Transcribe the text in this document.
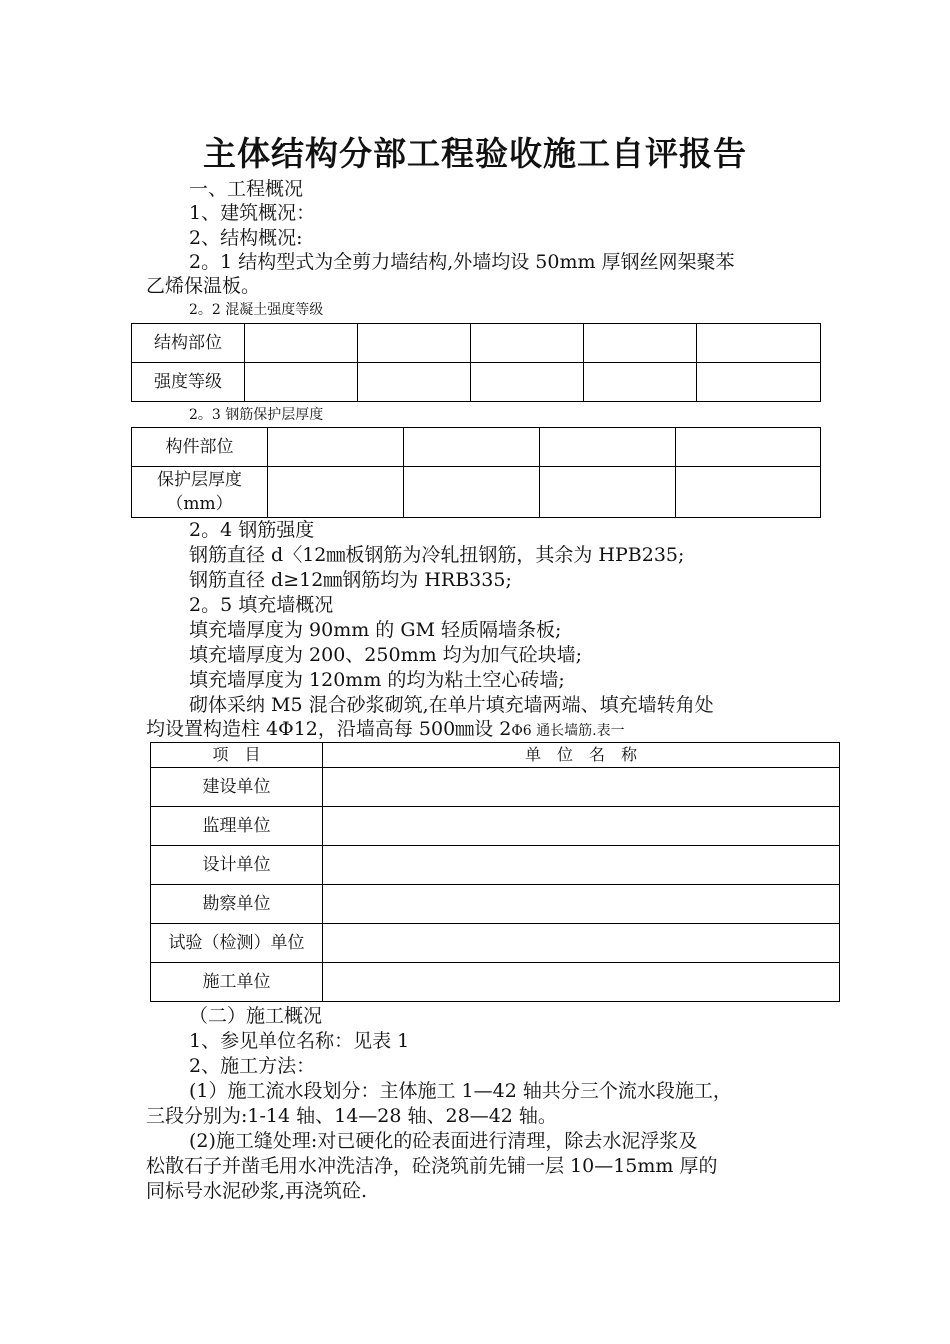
主体结构分部工程验收施工自评报告
一、工程概况
1、建筑概况：
2、结构概况:
2。1 结构型式为全剪力墙结构,外墙均设 50mm 厚钢丝网架聚苯
乙烯保温板。
2。2 混凝土强度等级
结构部位					
强度等级					
2。3 钢筋保护层厚度
构件部位				

保护层厚度
（mm）				

2。4 钢筋强度
钢筋直径 d〈12㎜板钢筋为冷轧扭钢筋，其余为 HPB235;
钢筋直径 d≥12㎜钢筋均为 HRB335;
2。5 填充墙概况
填充墙厚度为 90mm 的 GM 轻质隔墙条板;
填充墙厚度为 200、250mm 均为加气砼块墙;
填充墙厚度为 120mm 的均为粘土空心砖墙;
砌体采纳 M5 混合砂浆砌筑,在单片填充墙两端、填充墙转角处
均设置构造柱 4Φ12，沿墙高每 500㎜设 2Φ6 通长墙筋.表一
项　目	单　位　名　称
建设单位	
监理单位	
设计单位	
勘察单位	
试验（检测）单位	
施工单位	
（二）施工概况
1、参见单位名称：见表 1
2、施工方法：
(1）施工流水段划分：主体施工 1—42 轴共分三个流水段施工，
三段分别为:1-14 轴、14—28 轴、28—42 轴。
(2)施工缝处理:对已硬化的砼表面进行清理，除去水泥浮浆及
松散石子并凿毛用水冲洗洁净，砼浇筑前先铺一层 10—15mm 厚的
同标号水泥砂浆,再浇筑砼.
